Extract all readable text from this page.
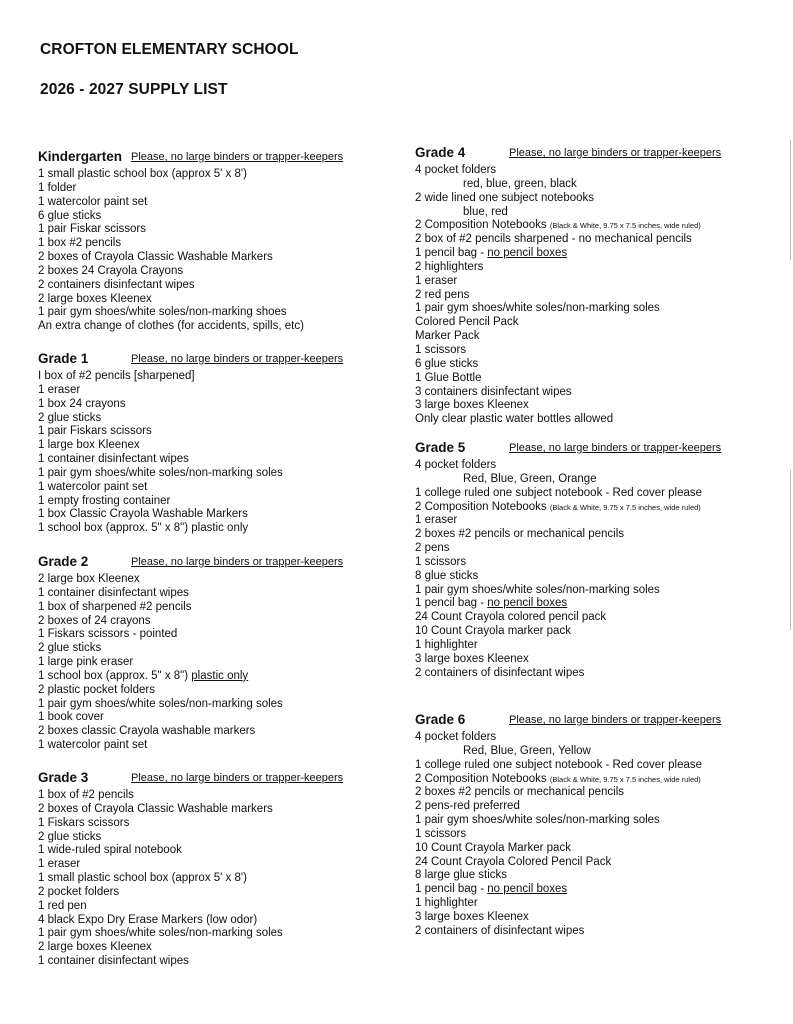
CROFTON ELEMENTARY SCHOOL
2026 - 2027 SUPPLY LIST
Kindergarten Please, no large binders or trapper-keepers
1 small plastic school box (approx 5' x 8')
1 folder
1 watercolor paint set
6 glue sticks
1 pair Fiskar scissors
1 box #2 pencils
2 boxes of Crayola Classic Washable Markers
2 boxes 24 Crayola Crayons
2 containers disinfectant wipes
2 large boxes Kleenex
1 pair gym shoes/white soles/non-marking shoes
An extra change of clothes (for accidents, spills, etc)
Grade 1	Please, no large binders or trapper-keepers
I box of #2 pencils [sharpened]
1 eraser
1 box 24 crayons
2 glue sticks
1 pair Fiskars scissors
1 large box Kleenex
1 container disinfectant wipes
1 pair gym shoes/white soles/non-marking soles
1 watercolor paint set
1 empty frosting container
1 box Classic Crayola Washable Markers
1 school box (approx. 5" x 8") plastic only
Grade 2	Please, no large binders or trapper-keepers
2 large box Kleenex
1 container disinfectant wipes
1 box of sharpened #2 pencils
2 boxes of 24 crayons
1 Fiskars scissors - pointed
2 glue sticks
1 large pink eraser
1 school box (approx. 5" x 8") plastic only
2 plastic pocket folders
1 pair gym shoes/white soles/non-marking soles
1 book cover
2 boxes classic Crayola washable markers
1 watercolor paint set
Grade 3	Please, no large binders or trapper-keepers
1 box of #2 pencils
2 boxes of Crayola Classic Washable markers
1 Fiskars scissors
2 glue sticks
1 wide-ruled spiral notebook
1 eraser
1 small plastic school box (approx 5' x 8')
2 pocket folders
1 red pen
4 black Expo Dry Erase Markers (low odor)
1 pair gym shoes/white soles/non-marking soles
2 large boxes Kleenex
1 container disinfectant wipes
Grade 4	Please, no large binders or trapper-keepers
4 pocket folders
red, blue, green, black
2 wide lined one subject notebooks
blue, red
2 Composition Notebooks (Black & White, 9.75 x 7.5 inches, wide ruled)
2 box of #2 pencils sharpened - no mechanical pencils
1 pencil bag - no pencil boxes
2 highlighters
1 eraser
2 red pens
1 pair gym shoes/white soles/non-marking soles
Colored Pencil Pack
Marker Pack
1 scissors
6 glue sticks
1 Glue Bottle
3 containers disinfectant wipes
3 large boxes Kleenex
Only clear plastic water bottles allowed
Grade 5	Please, no large binders or trapper-keepers
4 pocket folders
Red, Blue, Green, Orange
1 college ruled one subject notebook - Red cover please
2 Composition Notebooks (Black & White, 9.75 x 7.5 inches, wide ruled)
1 eraser
2 boxes #2 pencils or mechanical pencils
2 pens
1 scissors
8 glue sticks
1 pair gym shoes/white soles/non-marking soles
1 pencil bag - no pencil boxes
24 Count Crayola colored pencil pack
10 Count Crayola marker pack
1 highlighter
3 large boxes Kleenex
2 containers of disinfectant wipes
Grade 6	Please, no large binders or trapper-keepers
4 pocket folders
Red, Blue, Green, Yellow
1 college ruled one subject notebook - Red cover please
2 Composition Notebooks (Black & White, 9.75 x 7.5 inches, wide ruled)
2 boxes #2 pencils or mechanical pencils
2 pens-red preferred
1 pair gym shoes/white soles/non-marking soles
1 scissors
10 Count Crayola Marker pack
24 Count Crayola Colored Pencil Pack
8 large glue sticks
1 pencil bag - no pencil boxes
1 highlighter
3 large boxes Kleenex
2 containers of disinfectant wipes
